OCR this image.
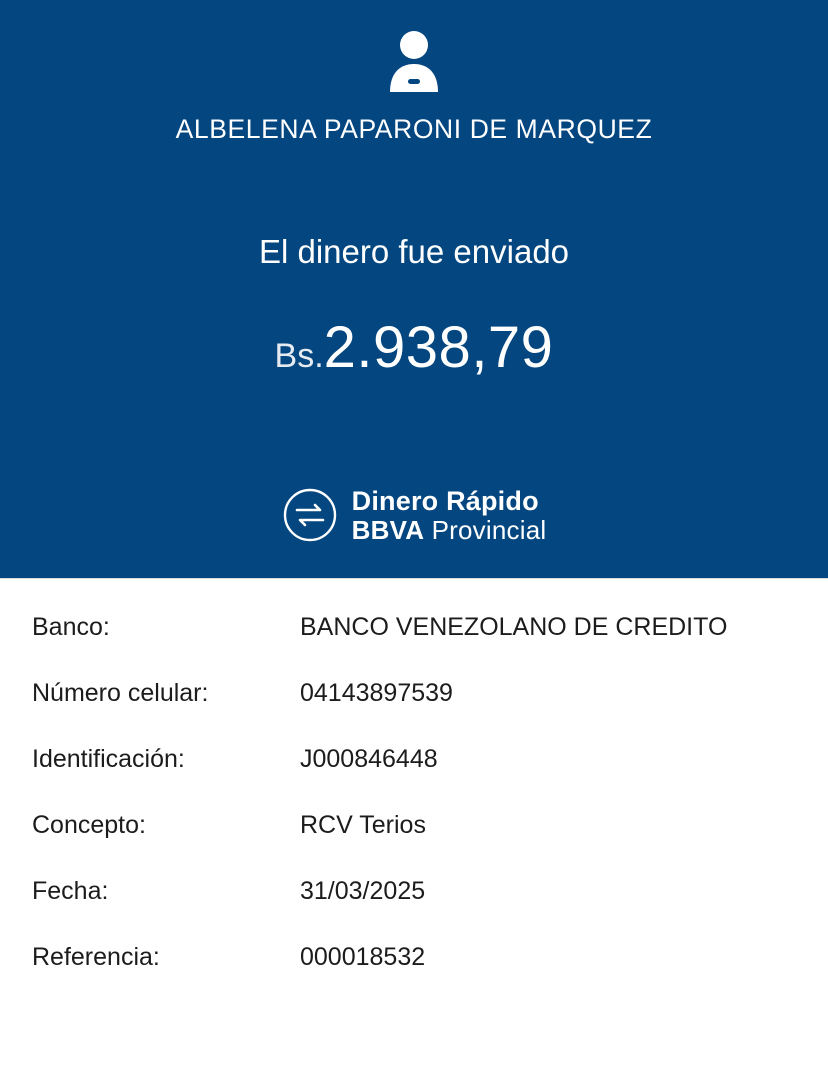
ALBELENA PAPARONI DE MARQUEZ
El dinero fue enviado
Bs. 2.938,79
Dinero Rápido
BBVA Provincial
Banco:	BANCO VENEZOLANO DE CREDITO
Número celular:	04143897539
Identificación:	J000846448
Concepto:	RCV Terios
Fecha:	31/03/2025
Referencia:	000018532
